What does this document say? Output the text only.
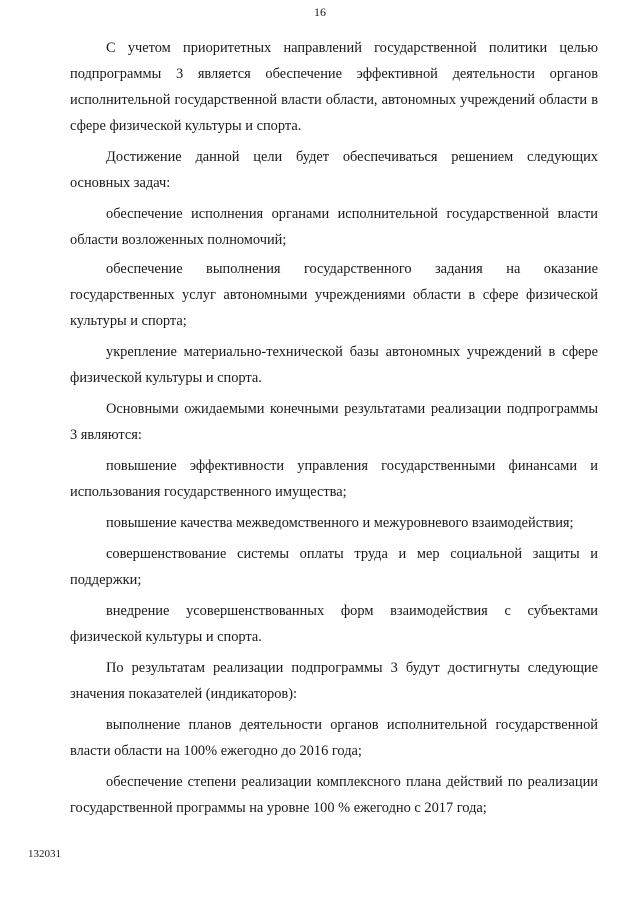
16

С учетом приоритетных направлений государственной политики целью подпрограммы 3 является обеспечение эффективной деятельности органов исполнительной государственной власти области, автономных учреждений области в сфере физической культуры и спорта.

Достижение данной цели будет обеспечиваться решением следующих основных задач:

обеспечение исполнения органами исполнительной государственной власти области возложенных полномочий;

обеспечение выполнения государственного задания на оказание государственных услуг автономными учреждениями области в сфере физической культуры и спорта;

укрепление материально-технической базы автономных учреждений в сфере физической культуры и спорта.

Основными ожидаемыми конечными результатами реализации подпрограммы 3 являются:

повышение эффективности управления государственными финансами и использования государственного имущества;

повышение качества межведомственного и межуровневого взаимодействия;

совершенствование системы оплаты труда и мер социальной защиты и поддержки;

внедрение усовершенствованных форм взаимодействия с субъектами физической культуры и спорта.

По результатам реализации подпрограммы 3 будут достигнуты следующие значения показателей (индикаторов):

выполнение планов деятельности органов исполнительной государственной власти области на 100% ежегодно до 2016 года;

обеспечение степени реализации комплексного плана действий по реализации государственной программы на уровне 100 % ежегодно с 2017 года;

132031
